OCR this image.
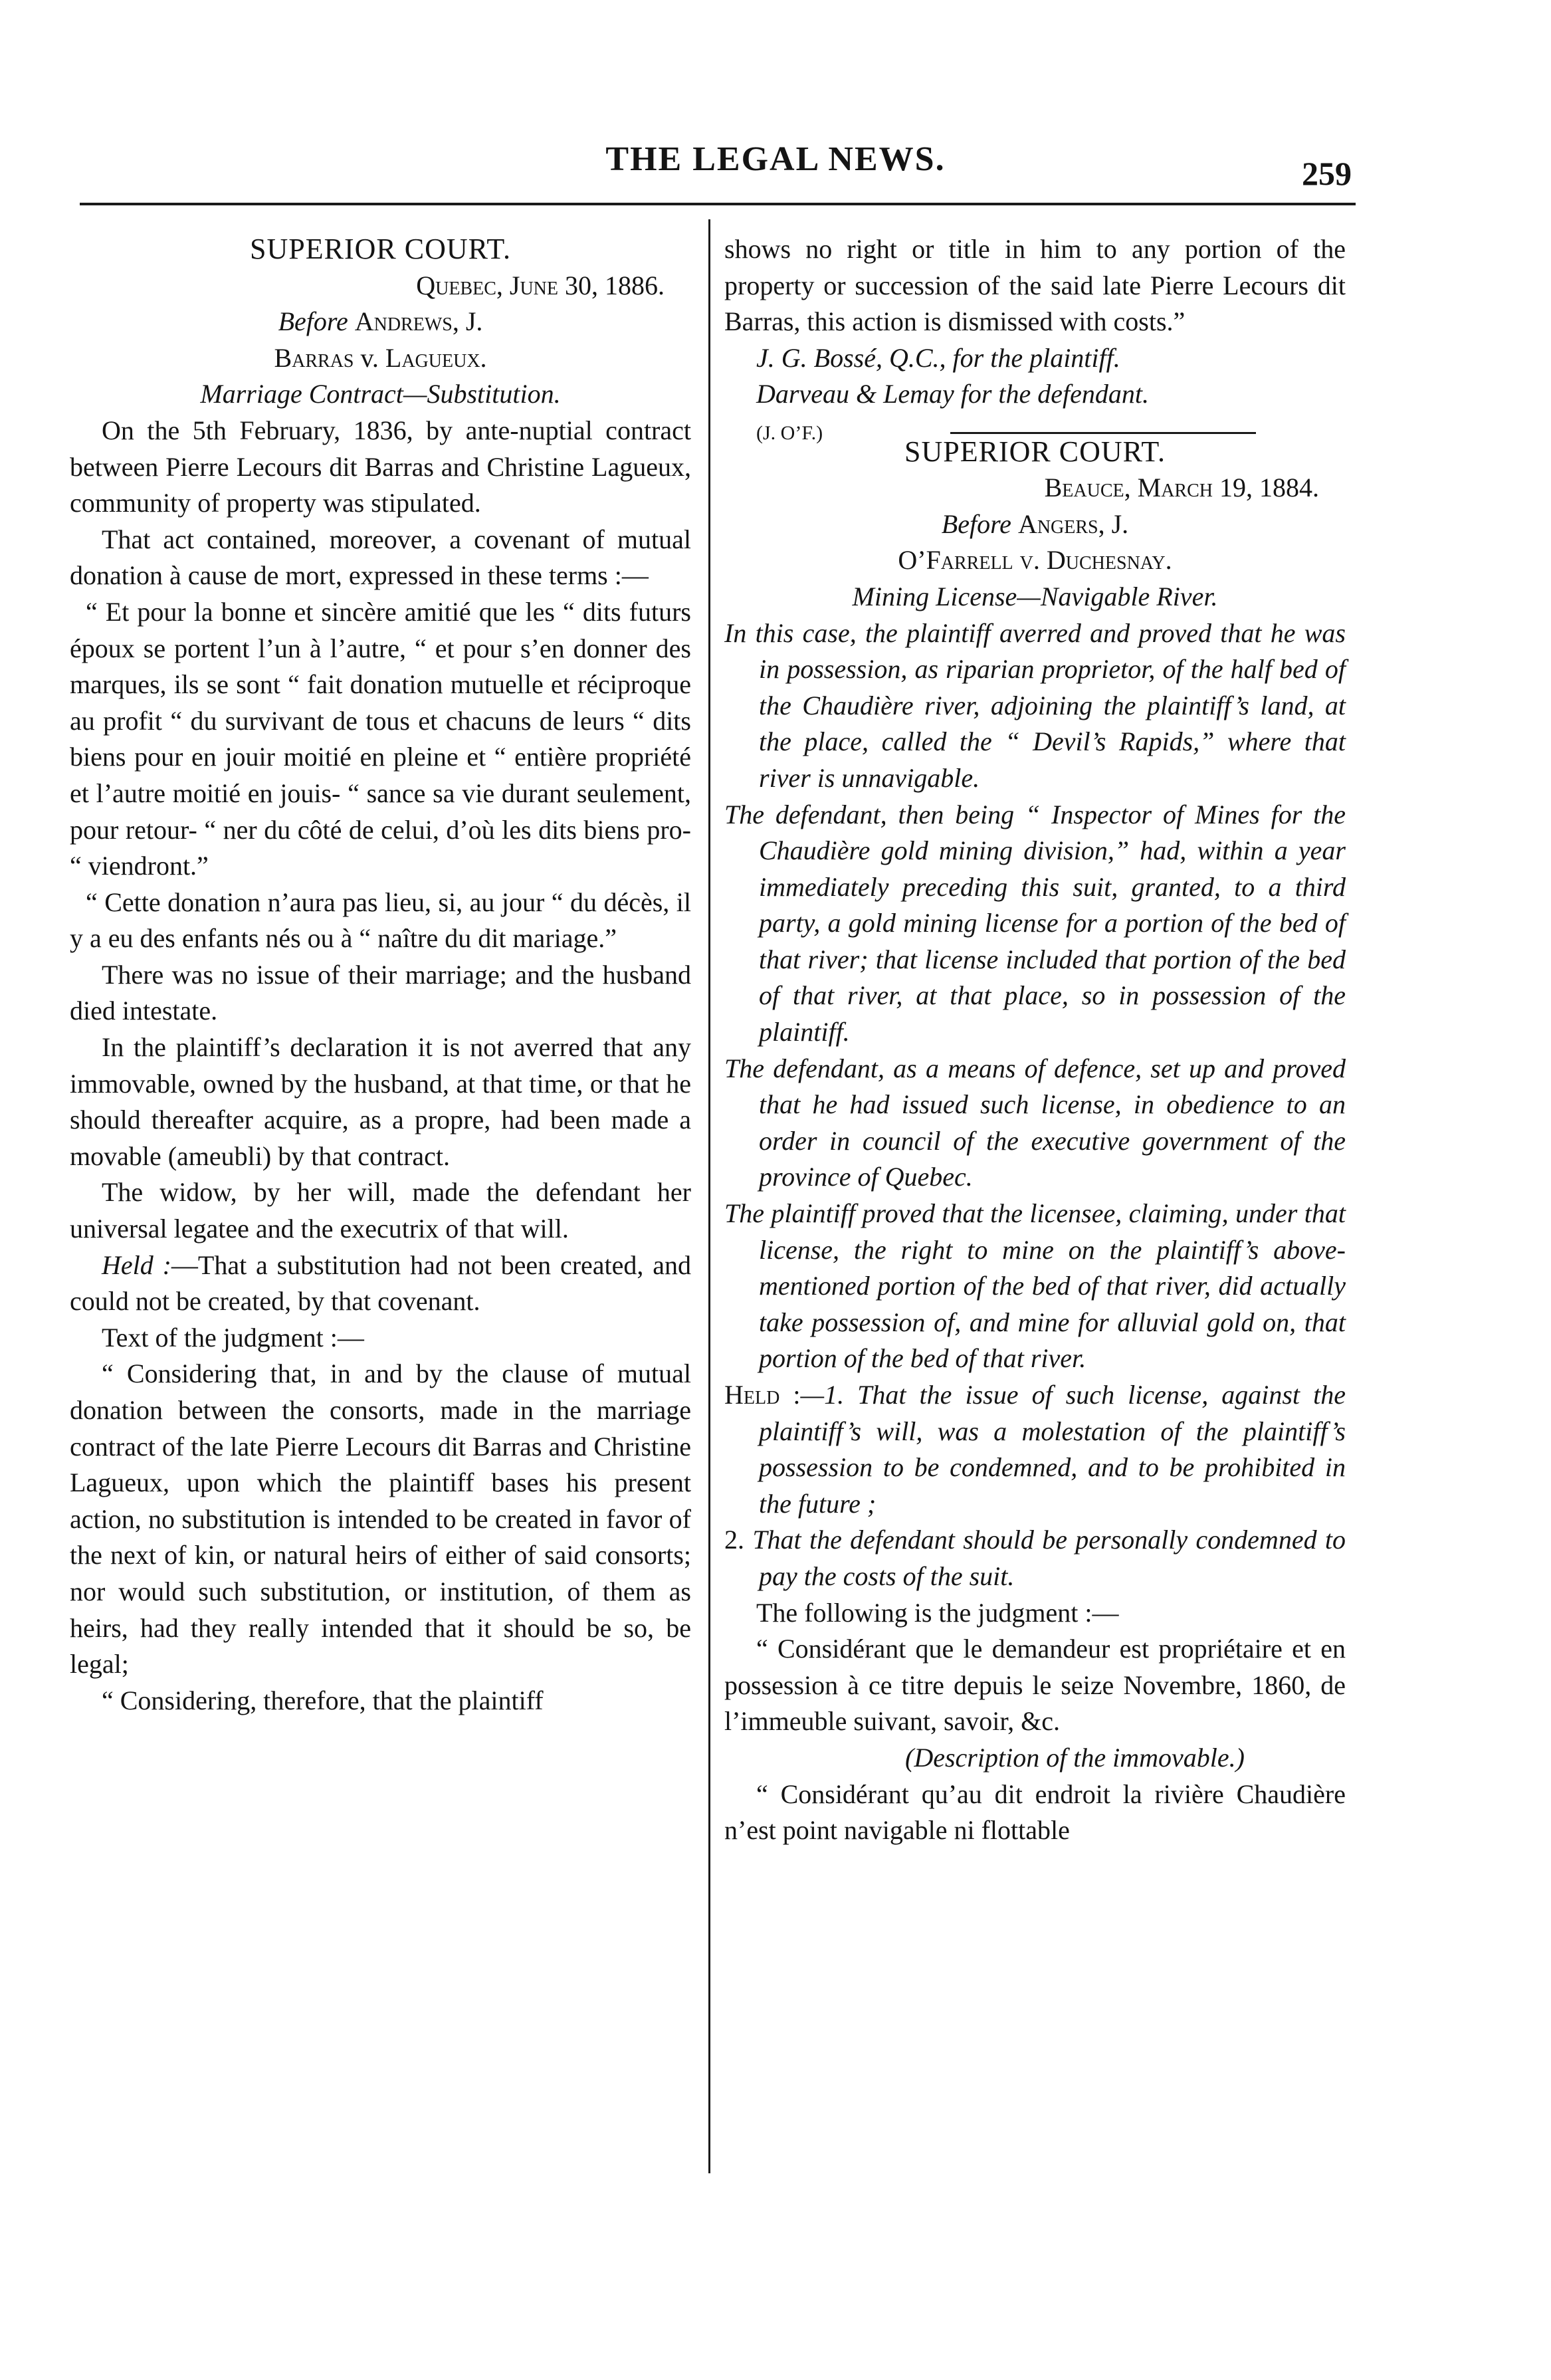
THE LEGAL NEWS.	259

SUPERIOR COURT.

Quebec, June 30, 1886.

Before Andrews, J.

Barras v. Lagueux.

Marriage Contract—Substitution.

On the 5th February, 1836, by ante-nuptial contract between Pierre Lecours dit Barras and Christine Lagueux, community of property was stipulated.

That act contained, moreover, a covenant of mutual donation à cause de mort, expressed in these terms :—

“ Et pour la bonne et sincère amitié que les “ dits futurs époux se portent l’un à l’autre, “ et pour s’en donner des marques, ils se sont “ fait donation mutuelle et réciproque au profit “ du survivant de tous et chacuns de leurs “ dits biens pour en jouir moitié en pleine et “ entière propriété et l’autre moitié en jouis- “ sance sa vie durant seulement, pour retour- “ ner du côté de celui, d’où les dits biens pro- “ viendront.”

“ Cette donation n’aura pas lieu, si, au jour “ du décès, il y a eu des enfants nés ou à “ naître du dit mariage.”

There was no issue of their marriage; and the husband died intestate.

In the plaintiff’s declaration it is not averred that any immovable, owned by the husband, at that time, or that he should thereafter acquire, as a propre, had been made a movable (ameubli) by that contract.

The widow, by her will, made the defendant her universal legatee and the executrix of that will.

Held :—That a substitution had not been created, and could not be created, by that covenant.

Text of the judgment :—

“ Considering that, in and by the clause of mutual donation between the consorts, made in the marriage contract of the late Pierre Lecours dit Barras and Christine Lagueux, upon which the plaintiff bases his present action, no substitution is intended to be created in favor of the next of kin, or natural heirs of either of said consorts; nor would such substitution, or institution, of them as heirs, had they really intended that it should be so, be legal;

“ Considering, therefore, that the plaintiff

shows no right or title in him to any portion of the property or succession of the said late Pierre Lecours dit Barras, this action is dismissed with costs.”

J. G. Bossé, Q.C., for the plaintiff.

Darveau & Lemay for the defendant.

(J. O’F.)

SUPERIOR COURT.

Beauce, March 19, 1884.

Before Angers, J.

O’Farrell v. Duchesnay.

Mining License—Navigable River.

In this case, the plaintiff averred and proved that he was in possession, as riparian proprietor, of the half bed of the Chaudière river, adjoining the plaintiff’s land, at the place, called the “ Devil’s Rapids,” where that river is unnavigable.

The defendant, then being “ Inspector of Mines for the Chaudière gold mining division,” had, within a year immediately preceding this suit, granted, to a third party, a gold mining license for a portion of the bed of that river; that license included that portion of the bed of that river, at that place, so in possession of the plaintiff.

The defendant, as a means of defence, set up and proved that he had issued such license, in obedience to an order in council of the executive government of the province of Quebec.

The plaintiff proved that the licensee, claiming, under that license, the right to mine on the plaintiff’s above-mentioned portion of the bed of that river, did actually take possession of, and mine for alluvial gold on, that portion of the bed of that river.

Held :—1. That the issue of such license, against the plaintiff’s will, was a molestation of the plaintiff’s possession to be condemned, and to be prohibited in the future ;

2. That the defendant should be personally condemned to pay the costs of the suit.

The following is the judgment :—

“ Considérant que le demandeur est propriétaire et en possession à ce titre depuis le seize Novembre, 1860, de l’immeuble suivant, savoir, &c.

(Description of the immovable.)

“ Considérant qu’au dit endroit la rivière Chaudière n’est point navigable ni flottable
